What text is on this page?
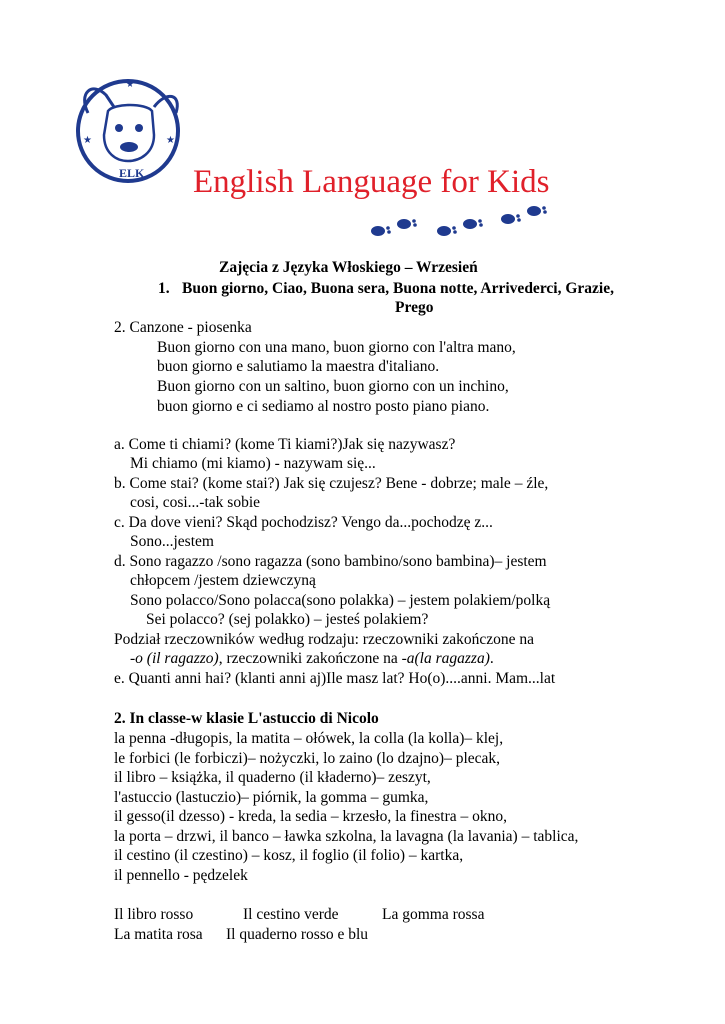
★	★
★
ELK English Language for Kids
Zajęcia z Języka Włoskiego – Wrzesień
1. Buon giorno, Ciao, Buona sera, Buona notte, Arrivederci, Grazie,
Prego
2. Canzone - piosenka
Buon giorno con una mano, buon giorno con l'altra mano,
buon giorno e salutiamo la maestra d'italiano.
Buon giorno con un saltino, buon giorno con un inchino,
buon giorno e ci sediamo al nostro posto piano piano.
a. Come ti chiami? (kome Ti kiami?)Jak się nazywasz?
Mi chiamo (mi kiamo) - nazywam się...
b. Come stai? (kome stai?) Jak się czujesz? Bene - dobrze; male – źle,
cosi, cosi...-tak sobie
c. Da dove vieni? Skąd pochodzisz? Vengo da...pochodzę z...
Sono...jestem
d. Sono ragazzo /sono ragazza (sono bambino/sono bambina)– jestem
chłopcem /jestem dziewczyną
Sono polacco/Sono polacca(sono polakka) – jestem polakiem/polką
Sei polacco? (sej polakko) – jesteś polakiem?
Podział rzeczowników według rodzaju: rzeczowniki zakończone na
-o (il ragazzo), rzeczowniki zakończone na -a(la ragazza).
e. Quanti anni hai? (klanti anni aj)Ile masz lat? Ho(o)....anni. Mam...lat
2. In classe-w klasie L'astuccio di Nicolo
la penna -długopis, la matita – ołówek, la colla (la kolla)– klej,
le forbici (le forbiczi)– nożyczki, lo zaino (lo dzajno)– plecak,
il libro – książka, il quaderno (il kładerno)– zeszyt,
l'astuccio (lastuczio)– piórnik, la gomma – gumka,
il gesso(il dzesso) - kreda, la sedia – krzesło, la finestra – okno,
la porta – drzwi, il banco – ławka szkolna, la lavagna (la lavania) – tablica,
il cestino (il czestino) – kosz, il foglio (il folio) – kartka,
il pennello - pędzelek
Il libro rosso	Il cestino verde	La gomma rossa
La matita rosa Il quaderno rosso e blu
